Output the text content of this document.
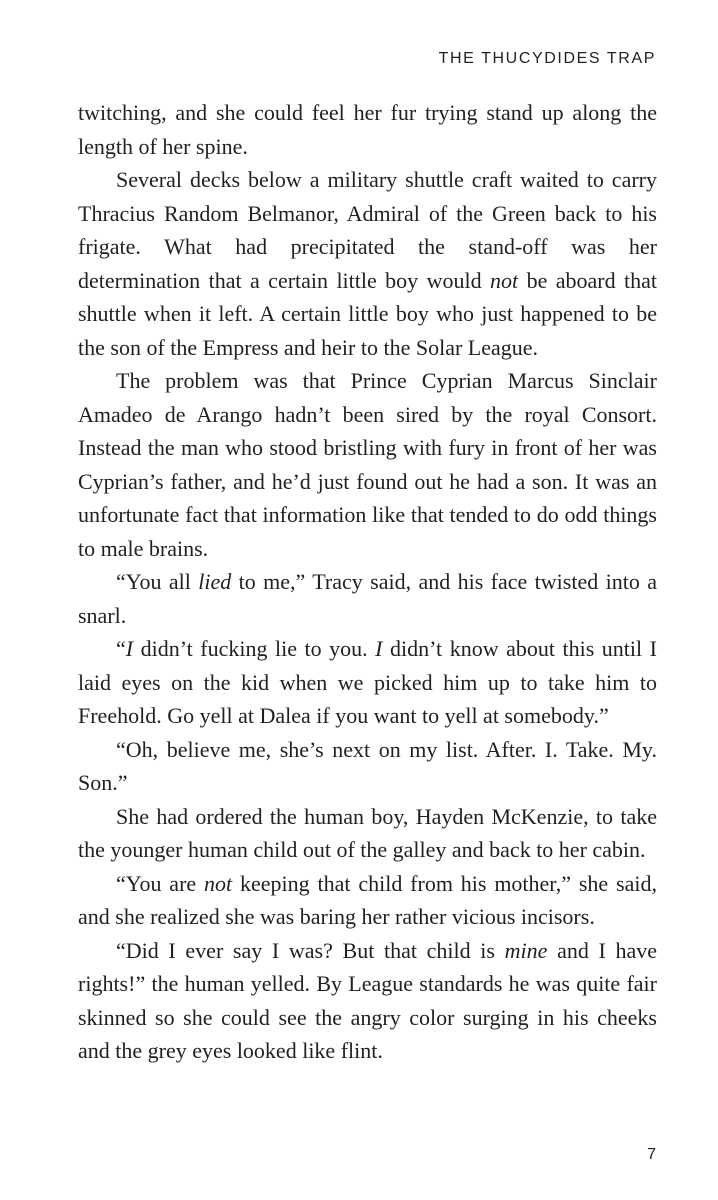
THE THUCYDIDES TRAP

twitching, and she could feel her fur trying stand up along the length of her spine.

Several decks below a military shuttle craft waited to carry Thracius Random Belmanor, Admiral of the Green back to his frigate. What had precipitated the stand-off was her determination that a certain little boy would not be aboard that shuttle when it left. A certain little boy who just happened to be the son of the Empress and heir to the Solar League.

The problem was that Prince Cyprian Marcus Sinclair Amadeo de Arango hadn’t been sired by the royal Consort. Instead the man who stood bristling with fury in front of her was Cyprian’s father, and he’d just found out he had a son. It was an unfortunate fact that information like that tended to do odd things to male brains.

“You all lied to me,” Tracy said, and his face twisted into a snarl.

“I didn’t fucking lie to you. I didn’t know about this until I laid eyes on the kid when we picked him up to take him to Freehold. Go yell at Dalea if you want to yell at somebody.”

“Oh, believe me, she’s next on my list. After. I. Take. My. Son.”

She had ordered the human boy, Hayden McKenzie, to take the younger human child out of the galley and back to her cabin.

“You are not keeping that child from his mother,” she said, and she realized she was baring her rather vicious incisors.

“Did I ever say I was? But that child is mine and I have rights!” the human yelled. By League standards he was quite fair skinned so she could see the angry color surging in his cheeks and the grey eyes looked like flint.

7
